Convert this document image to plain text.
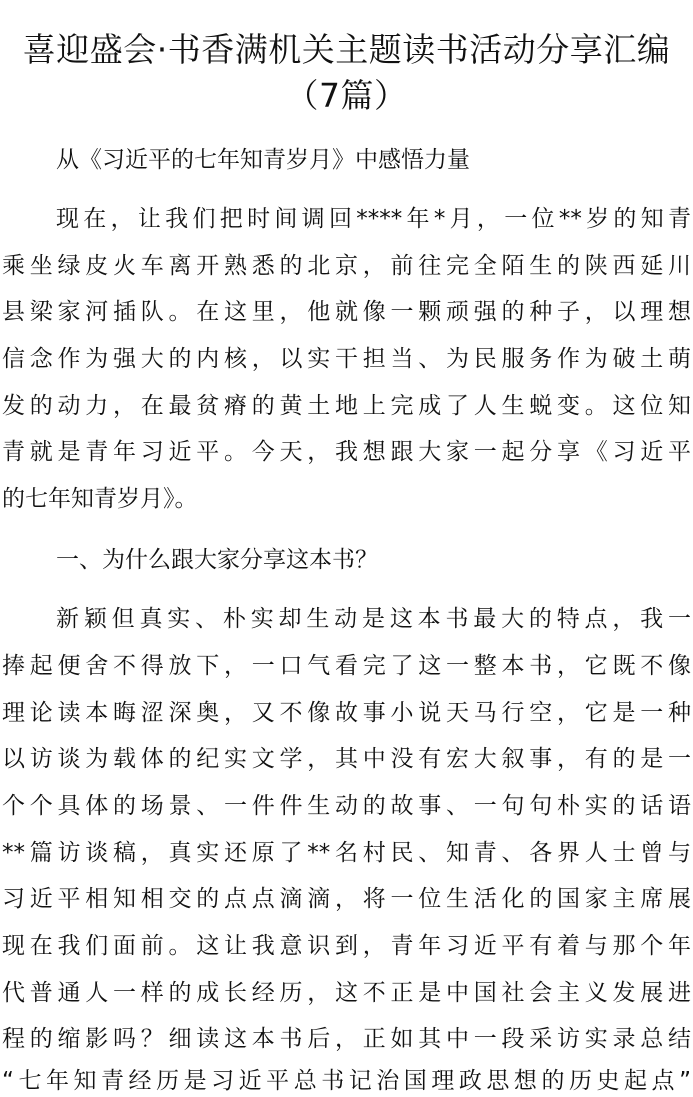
喜迎盛会·书香满机关主题读书活动分享汇编
（7篇）
从《习近平的七年知青岁月》中感悟力量
现在，让我们把时间调回****年*月，一位**岁的知青
乘坐绿皮火车离开熟悉的北京，前往完全陌生的陕西延川
县梁家河插队。在这里，他就像一颗顽强的种子，以理想
信念作为强大的内核，以实干担当、为民服务作为破土萌
发的动力，在最贫瘠的黄土地上完成了人生蜕变。这位知
青就是青年习近平。今天，我想跟大家一起分享《习近平
的七年知青岁月》。
一、为什么跟大家分享这本书？
新颖但真实、朴实却生动是这本书最大的特点，我一
捧起便舍不得放下，一口气看完了这一整本书，它既不像
理论读本晦涩深奥，又不像故事小说天马行空，它是一种
以访谈为载体的纪实文学，其中没有宏大叙事，有的是一
个个具体的场景、一件件生动的故事、一句句朴实的话语
**篇访谈稿，真实还原了**名村民、知青、各界人士曾与
习近平相知相交的点点滴滴，将一位生活化的国家主席展
现在我们面前。这让我意识到，青年习近平有着与那个年
代普通人一样的成长经历，这不正是中国社会主义发展进
程的缩影吗？细读这本书后，正如其中一段采访实录总结
“七年知青经历是习近平总书记治国理政思想的历史起点”
